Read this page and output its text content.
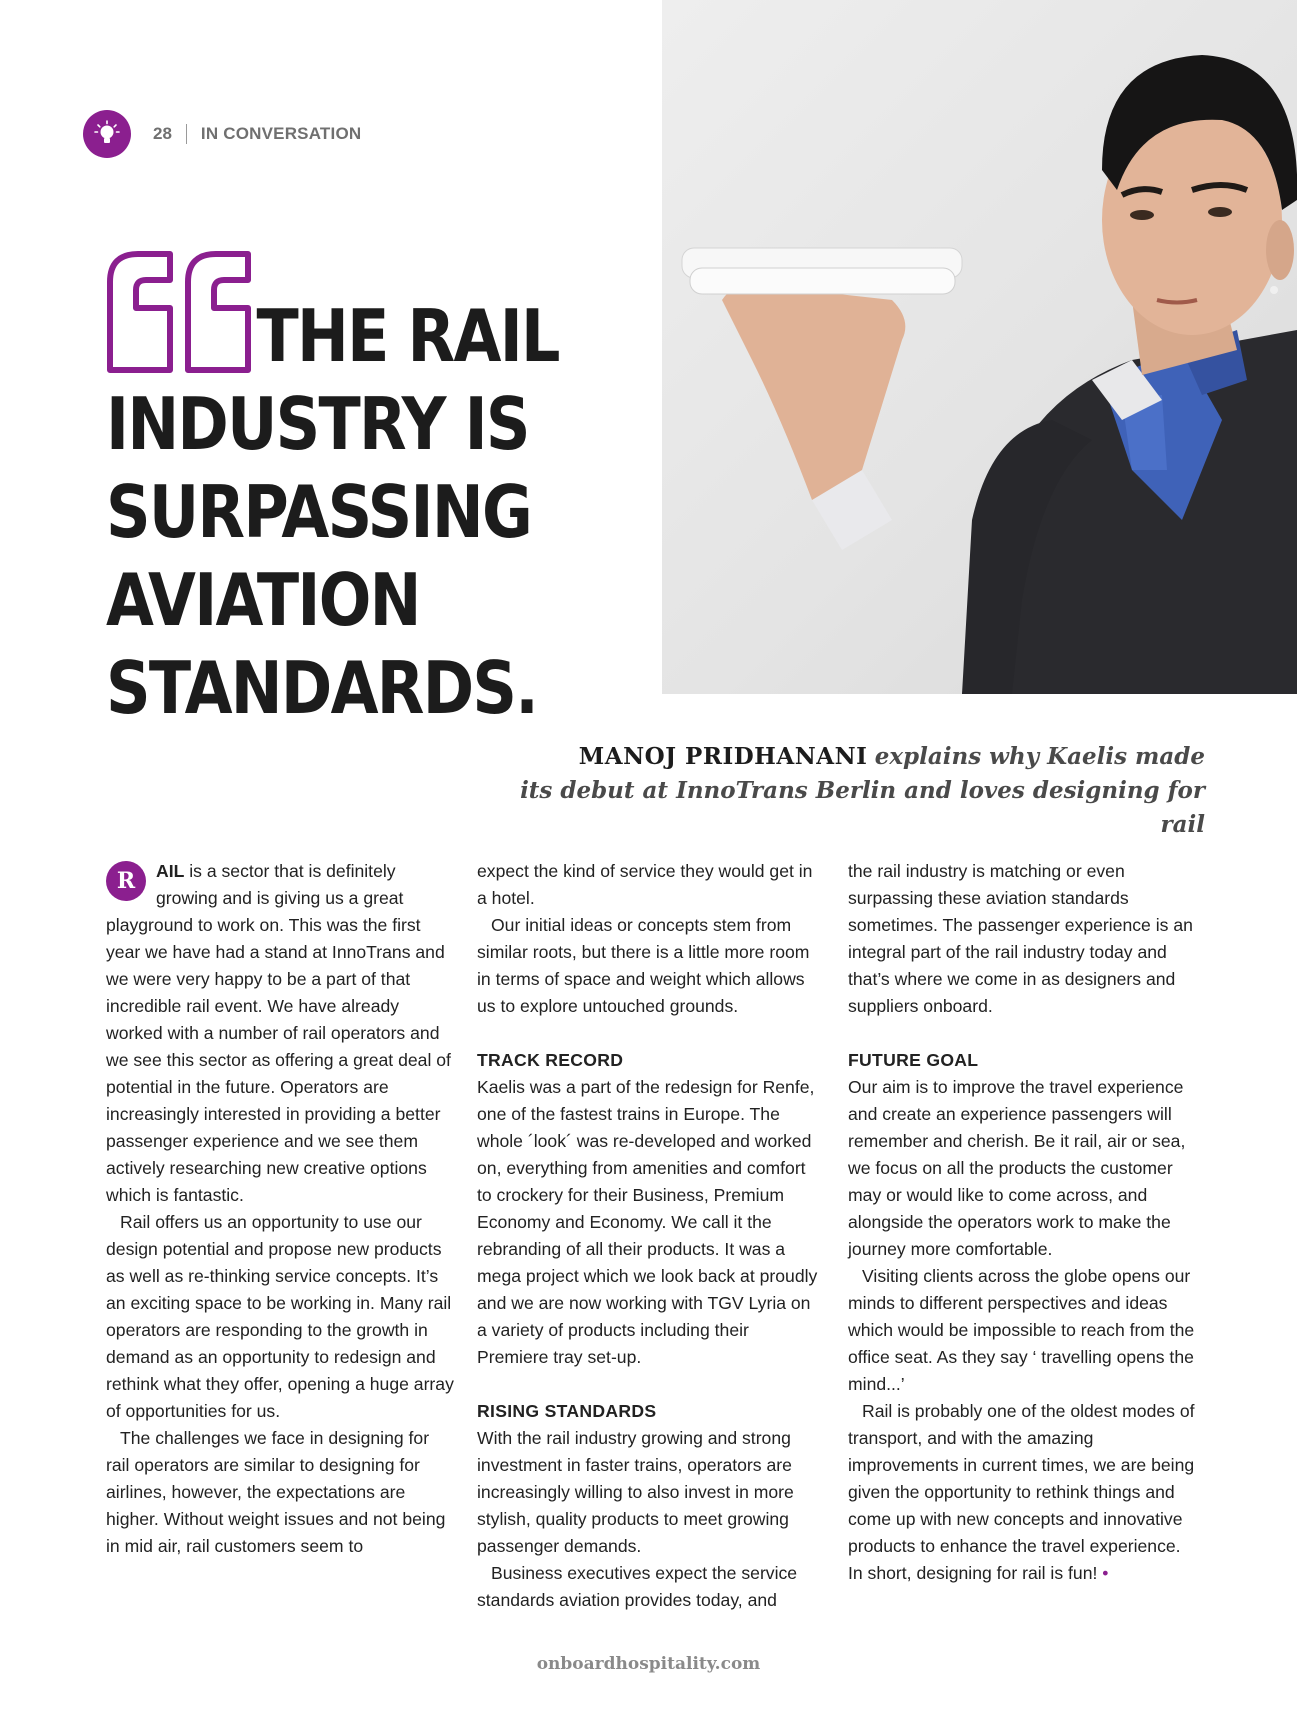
28 IN CONVERSATION
THE RAIL
INDUSTRY IS
SURPASSING
AVIATION
STANDARDS.
MANOJ PRIDHANANI explains why Kaelis made
its debut at InnoTrans Berlin and loves designing for rail

R	AIL is a sector that is definitely growing and is giving us a great playground to work on. This was the first year we have had a stand at InnoTrans and we were very happy to be a part of that incredible rail event. We have already worked with a number of rail operators and we see this sector as offering a great deal of potential in the future. Operators are increasingly interested in providing a better passenger experience and we see them actively researching new creative options which is fantastic.

Rail offers us an opportunity to use our design potential and propose new products as well as re-thinking service concepts. It’s an exciting space to be working in. Many rail operators are responding to the growth in demand as an opportunity to redesign and rethink what they offer, opening a huge array of opportunities for us.

The challenges we face in designing for rail operators are similar to designing for airlines, however, the expectations are higher. Without weight issues and not being in mid air, rail customers seem to

expect the kind of service they would get in a hotel.

Our initial ideas or concepts stem from similar roots, but there is a little more room in terms of space and weight which allows us to explore untouched grounds.

TRACK RECORD

Kaelis was a part of the redesign for Renfe, one of the fastest trains in Europe. The whole ´look´ was re-developed and worked on, everything from amenities and comfort to crockery for their Business, Premium Economy and Economy. We call it the rebranding of all their products. It was a mega project which we look back at proudly and we are now working with TGV Lyria on a variety of products including their Premiere tray set-up.

RISING STANDARDS

With the rail industry growing and strong investment in faster trains, operators are increasingly willing to also invest in more stylish, quality products to meet growing passenger demands.

Business executives expect the service standards aviation provides today, and

the rail industry is matching or even surpassing these aviation standards sometimes. The passenger experience is an integral part of the rail industry today and that’s where we come in as designers and suppliers onboard.

FUTURE GOAL

Our aim is to improve the travel experience and create an experience passengers will remember and cherish. Be it rail, air or sea, we focus on all the products the customer may or would like to come across, and alongside the operators work to make the journey more comfortable.

Visiting clients across the globe opens our minds to different perspectives and ideas which would be impossible to reach from the office seat. As they say ‘ travelling opens the mind...’

Rail is probably one of the oldest modes of transport, and with the amazing improvements in current times, we are being given the opportunity to rethink things and come up with new concepts and innovative products to enhance the travel experience. In short, designing for rail is fun! •

onboardhospitality.com
